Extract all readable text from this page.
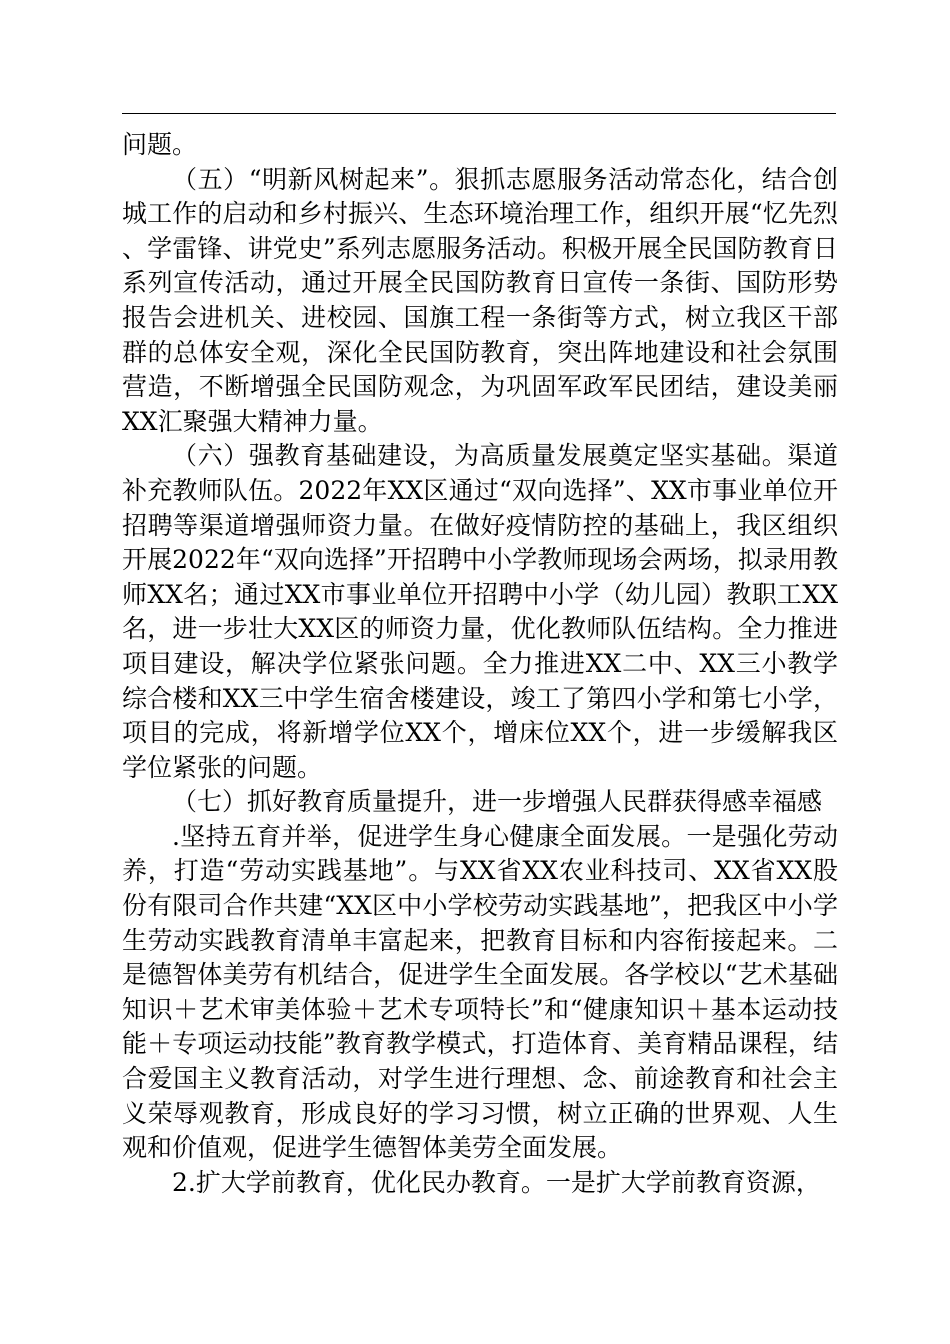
问题。

（五）“明新风树起来”。狠抓志愿服务活动常态化，结合创城工作的启动和乡村振兴、生态环境治理工作，组织开展“忆先烈、学雷锋、讲党史”系列志愿服务活动。积极开展全民国防教育日系列宣传活动，通过开展全民国防教育日宣传一条街、国防形势报告会进机关、进校园、国旗工程一条街等方式，树立我区干部群的总体安全观，深化全民国防教育，突出阵地建设和社会氛围营造，不断增强全民国防观念，为巩固军政军民团结，建设美丽XX汇聚强大精神力量。

（六）强教育基础建设，为高质量发展奠定坚实基础。渠道补充教师队伍。2022年XX区通过“双向选择”、XX市事业单位开招聘等渠道增强师资力量。在做好疫情防控的基础上，我区组织开展2022年“双向选择”开招聘中小学教师现场会两场，拟录用教师XX名；通过XX市事业单位开招聘中小学（幼儿园）教职工XX名，进一步壮大XX区的师资力量，优化教师队伍结构。全力推进项目建设，解决学位紧张问题。全力推进XX二中、XX三小教学综合楼和XX三中学生宿舍楼建设，竣工了第四小学和第七小学，项目的完成，将新增学位XX个，增床位XX个，进一步缓解我区学位紧张的问题。

（七）抓好教育质量提升，进一步增强人民群获得感幸福感

.坚持五育并举，促进学生身心健康全面发展。一是强化劳动养，打造“劳动实践基地”。与XX省XX农业科技司、XX省XX股份有限司合作共建“XX区中小学校劳动实践基地”，把我区中小学生劳动实践教育清单丰富起来，把教育目标和内容衔接起来。二是德智体美劳有机结合，促进学生全面发展。各学校以“艺术基础知识＋艺术审美体验＋艺术专项特长”和“健康知识＋基本运动技能＋专项运动技能”教育教学模式，打造体育、美育精品课程，结合爱国主义教育活动，对学生进行理想、念、前途教育和社会主义荣辱观教育，形成良好的学习习惯，树立正确的世界观、人生观和价值观，促进学生德智体美劳全面发展。

2.扩大学前教育，优化民办教育。一是扩大学前教育资源，
